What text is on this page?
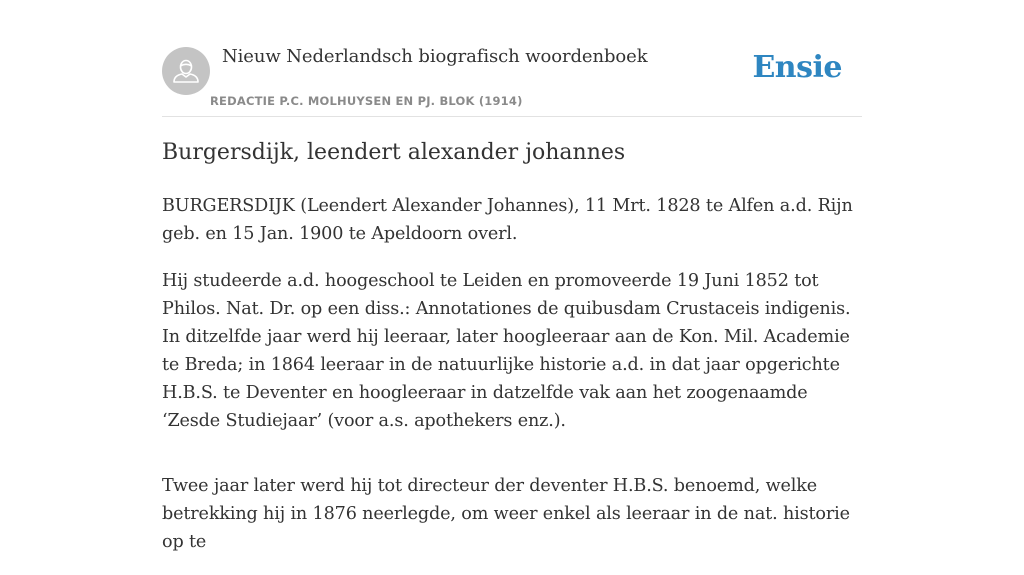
Nieuw Nederlandsch biografisch woordenboek
REDACTIE P.C. MOLHUYSEN EN PJ. BLOK (1914)
Ensie
Burgersdijk, leendert alexander johannes

BURGERSDIJK (Leendert Alexander Johannes), 11 Mrt. 1828 te Alfen a.d. Rijn geb. en 15 Jan. 1900 te Apeldoorn overl.

Hij studeerde a.d. hoogeschool te Leiden en promoveerde 19 Juni 1852 tot Philos. Nat. Dr. op een diss.: Annotationes de quibusdam Crustaceis indigenis. In ditzelfde jaar werd hij leeraar, later hoogleeraar aan de Kon. Mil. Academie te Breda; in 1864 leeraar in de natuurlijke historie a.d. in dat jaar opgerichte H.B.S. te Deventer en hoogleeraar in datzelfde vak aan het zoogenaamde ‘Zesde Studiejaar’ (voor a.s. apothekers enz.).

Twee jaar later werd hij tot directeur der deventer H.B.S. benoemd, welke betrekking hij in 1876 neerlegde, om weer enkel als leeraar in de nat. historie op te
